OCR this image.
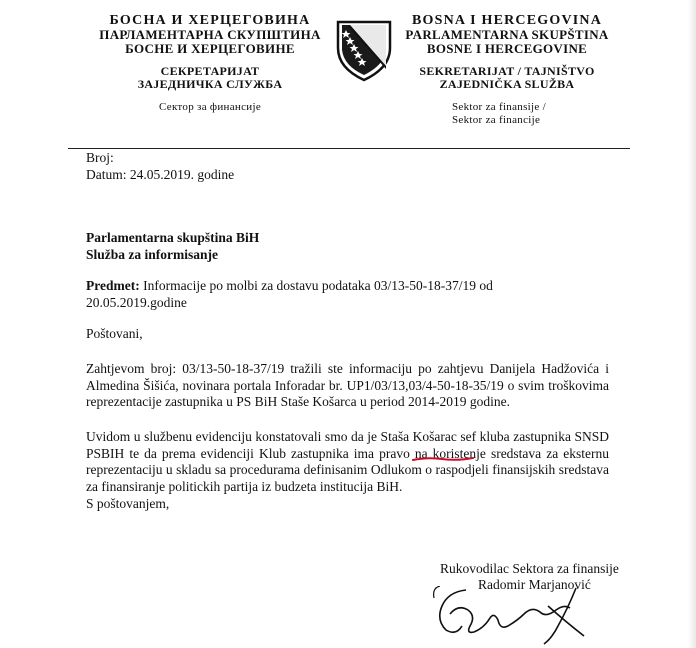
БОСНА И ХЕРЦЕГОВИНА
ПАРЛАМЕНТАРНА СКУПШТИНА
БОСНЕ И ХЕРЦЕГОВИНЕ
СЕКРЕТАРИЈАТ
ЗАЈЕДНИЧКА СЛУЖБА
Сектор за финансије
BOSNA I HERCEGOVINA
PARLAMENTARNA SKUPŠTINA
BOSNE I HERCEGOVINE
SEKRETARIJAT / TAJNIŠTVO
ZAJEDNIČKA SLUŽBA
Sektor za finansije /
Sektor za financije
Broj:
Datum: 24.05.2019. godine
Parlamentarna skupština BiH
Služba za informisanje
Predmet: Informacije po molbi za dostavu podataka 03/13-50-18-37/19 od
20.05.2019.godine
Poštovani,
Zahtjevom broj: 03/13-50-18-37/19 tražili ste informaciju po zahtjevu Danijela Hadžovića i Almedina Šišića, novinara portala Inforadar br. UP1/03/13,03/4-50-18-35/19 o svim troškovima reprezentacije zastupnika u PS BiH Staše Košarca u period 2014-2019 godine.
Uvidom u službenu evidenciju konstatovali smo da je Staša Košarac sef kluba zastupnika SNSD PSBIH te da prema evidenciji Klub zastupnika ima pravo na koristenje sredstava za eksternu reprezentaciju u skladu sa procedurama definisanim Odlukom o raspodjeli finansijskih sredstava za finansiranje politickih partija iz budzeta institucija BiH.
S poštovanjem,
Rukovodilac Sektora za finansije
Radomir Marjanović
